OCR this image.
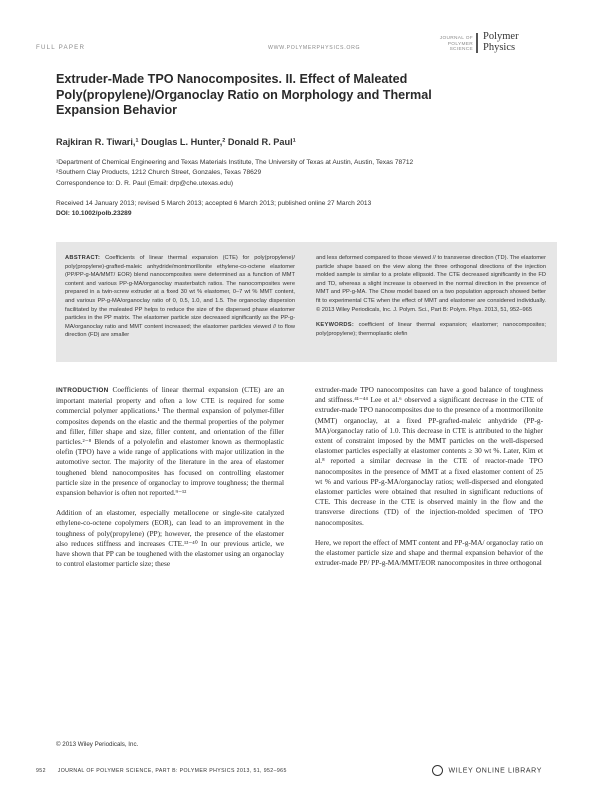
FULL PAPER	WWW.POLYMERPHYSICS.ORG
JOURNAL OF
POLYMER SCIENCE
Polymer
Physics
Extruder-Made TPO Nanocomposites. II. Effect of Maleated Poly(propylene)/Organoclay Ratio on Morphology and Thermal Expansion Behavior
Rajkiran R. Tiwari,¹ Douglas L. Hunter,² Donald R. Paul¹
¹Department of Chemical Engineering and Texas Materials Institute, The University of Texas at Austin, Austin, Texas 78712
²Southern Clay Products, 1212 Church Street, Gonzales, Texas 78629
Correspondence to: D. R. Paul (Email: drp@che.utexas.edu)
Received 14 January 2013; revised 5 March 2013; accepted 6 March 2013; published online 27 March 2013
DOI: 10.1002/polb.23289
ABSTRACT: Coefficients of linear thermal expansion (CTE) for poly(propylene)/ poly(propylene)-grafted-maleic anhydride/montmorillonite ethylene-co-octene elastomer (PP/PP-g-MA/MMT/ EOR) blend nanocomposites were determined as a function of MMT content and various PP-g-MA/organoclay masterbatch ratios. The nanocomposites were prepared in a twin-screw extruder at a fixed 30 wt % elastomer, 0–7 wt % MMT content, and various PP-g-MA/organoclay ratio of 0, 0.5, 1.0, and 1.5. The organoclay dispersion facilitated by the maleated PP helps to reduce the size of the dispersed phase elastomer particles in the PP matrix. The elastomer particle size decreased significantly as the PP-g-MA/organoclay ratio and MMT content increased; the elastomer particles viewed // to flow direction (FD) are smaller
and less deformed compared to those viewed // to transverse direction (TD). The elastomer particle shape based on the view along the three orthogonal directions of the injection molded sample is similar to a prolate ellipsoid. The CTE decreased significantly in the FD and TD, whereas a slight increase is observed in the normal direction in the presence of MMT and PP-g-MA. The Chow model based on a two population approach showed better fit to experimental CTE when the effect of MMT and elastomer are considered individually. © 2013 Wiley Periodicals, Inc. J. Polym. Sci., Part B: Polym. Phys. 2013, 51, 952–965
KEYWORDS: coefficient of linear thermal expansion; elastomer; nanocomposites; poly(propylene); thermoplastic olefin

INTRODUCTION Coefficients of linear thermal expansion (CTE) are an important material property and often a low CTE is required for some commercial polymer applications.¹ The thermal expansion of polymer-filler composites depends on the elastic and the thermal properties of the polymer and filler, filler shape and size, filler content, and orientation of the filler particles.²⁻⁸ Blends of a polyolefin and elastomer known as thermoplastic olefin (TPO) have a wide range of applications with major utilization in the automotive sector. The majority of the literature in the area of elastomer toughened blend nanocomposites has focused on controlling elastomer particle size in the presence of organoclay to improve toughness; the thermal expansion behavior is often not reported.⁹⁻¹²

Addition of an elastomer, especially metallocene or single-site catalyzed ethylene-co-octene copolymers (EOR), can lead to an improvement in the toughness of poly(propylene) (PP); however, the presence of the elastomer also reduces stiffness and increases CTE.¹³⁻⁴⁰ In our previous article, we have shown that PP can be toughened with the elastomer using an organoclay to control elastomer particle size; these

extruder-made TPO nanocomposites can have a good balance of toughness and stiffness.⁴¹⁻⁴⁴ Lee et al.⁶ observed a significant decrease in the CTE of extruder-made TPO nanocomposites due to the presence of a montmorillonite (MMT) organoclay, at a fixed PP-grafted-maleic anhydride (PP-g-MA)/organoclay ratio of 1.0. This decrease in CTE is attributed to the higher extent of constraint imposed by the MMT particles on the well-dispersed elastomer particles especially at elastomer contents ≥ 30 wt %. Later, Kim et al.⁸ reported a similar decrease in the CTE of reactor-made TPO nanocomposites in the presence of MMT at a fixed elastomer content of 25 wt % and various PP-g-MA/organoclay ratios; well-dispersed and elongated elastomer particles were obtained that resulted in significant reductions of CTE. This decrease in the CTE is observed mainly in the flow and the transverse directions (TD) of the injection-molded specimen of TPO nanocomposites.

Here, we report the effect of MMT content and PP-g-MA/ organoclay ratio on the elastomer particle size and shape and thermal expansion behavior of the extruder-made PP/ PP-g-MA/MMT/EOR nanocomposites in three orthogonal

© 2013 Wiley Periodicals, Inc.
952 JOURNAL OF POLYMER SCIENCE, PART B: POLYMER PHYSICS 2013, 51, 952–965	WILEY ONLINE LIBRARY
